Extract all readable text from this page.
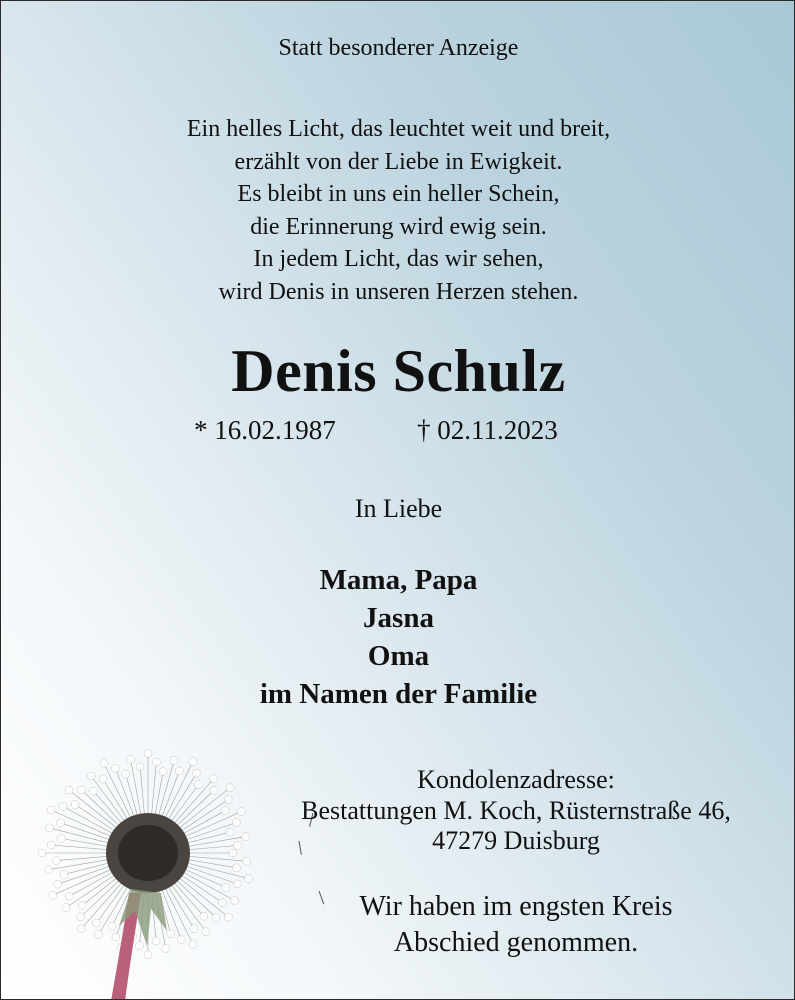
Statt besonderer Anzeige
Ein helles Licht, das leuchtet weit und breit,
erzählt von der Liebe in Ewigkeit.
Es bleibt in uns ein heller Schein,
die Erinnerung wird ewig sein.
In jedem Licht, das wir sehen,
wird Denis in unseren Herzen stehen.
Denis Schulz
* 16.02.1987	† 02.11.2023
In Liebe
Mama, Papa
Jasna
Oma
im Namen der Familie
Kondolenzadresse:
Bestattungen M. Koch, Rüsternstraße 46,
47279 Duisburg
Wir haben im engsten Kreis
Abschied genommen.
